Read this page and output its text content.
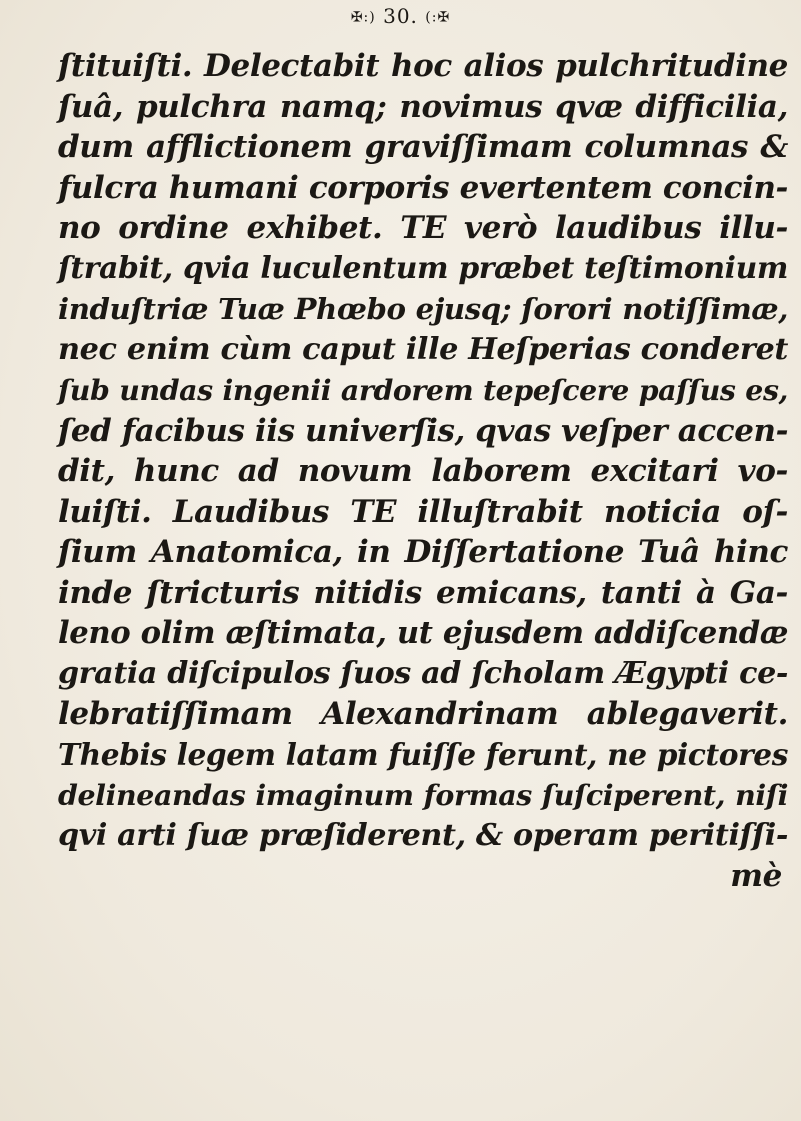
✠:) 30. (:✠
ſtituiſti. Delectabit hoc alios pulchritudine
ſuâ, pulchra namq; novimus qvæ difficilia,
dum afflictionem graviſſimam columnas &
fulcra humani corporis evertentem concin-
no ordine exhibet. TE verò laudibus illu-
ſtrabit, qvia luculentum præbet teſtimonium
induſtriæ Tuæ Phœbo ejusq; ſorori notiſſimæ,
nec enim cùm caput ille Heſperias conderet
ſub undas ingenii ardorem tepeſcere paſſus es,
ſed facibus iis univerſis, qvas veſper accen-
dit, hunc ad novum laborem excitari vo-
luiſti. Laudibus TE illuſtrabit noticia oſ-
ſium Anatomica, in Diſſertatione Tuâ hinc
inde ſtricturis nitidis emicans, tanti à Ga-
leno olim æſtimata, ut ejusdem addiſcendæ
gratia diſcipulos ſuos ad ſcholam Ægypti ce-
lebratiſſimam Alexandrinam ablegaverit.
Thebis legem latam fuiſſe ferunt, ne pictores
delineandas imaginum formas ſuſciperent, niſi
qvi arti ſuæ præſiderent, & operam peritiſſi-
mè
